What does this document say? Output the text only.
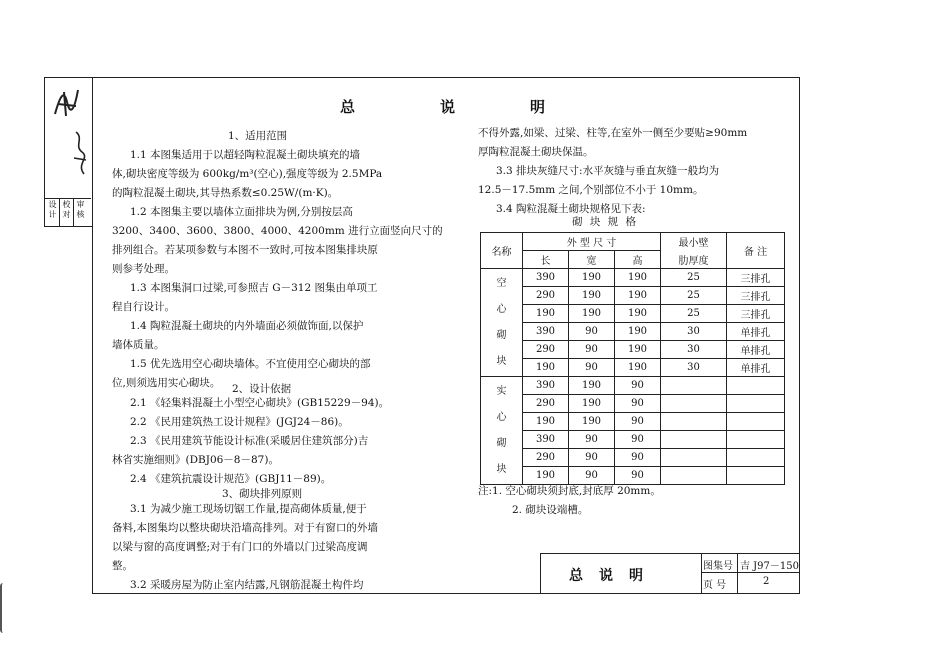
设计
校对
审核
总	说	明
1、适用范围
1.1 本图集适用于以超轻陶粒混凝土砌块填充的墙
体,砌块密度等级为 600kg/m³(空心),强度等级为 2.5MPa
的陶粒混凝土砌块,其导热系数≤0.25W/(m·K)。
1.2 本图集主要以墙体立面排块为例,分别按层高
3200、3400、3600、3800、4000、4200mm 进行立面竖向尺寸的
排列组合。若某项参数与本图不一致时,可按本图集排块原
则参考处理。
1.3 本图集洞口过梁,可参照吉 G－312 图集由单项工
程自行设计。
1.4 陶粒混凝土砌块的内外墙面必须做饰面,以保护
墙体质量。
1.5 优先选用空心砌块墙体。不宜使用空心砌块的部
位,则须选用实心砌块。	2、设计依据
2.1 《轻集料混凝土小型空心砌块》(GB15229－94)。
2.2 《民用建筑热工设计规程》(JGJ24－86)。
2.3 《民用建筑节能设计标准(采暖居住建筑部分)吉
林省实施细则》(DBJ06－8－87)。
2.4 《建筑抗震设计规范》(GBJ11－89)。
3、砌块排列原则
3.1 为减少施工现场切锯工作量,提高砌体质量,便于
备料,本图集均以整块砌块沿墙高排列。对于有窗口的外墙
以梁与窗的高度调整;对于有门口的外墙以门过梁高度调
整。
3.2 采暖房屋为防止室内结露,凡钢筋混凝土构件均
不得外露,如梁、过梁、柱等,在室外一侧至少要贴≥90mm
厚陶粒混凝土砌块保温。
3.3 排块灰缝尺寸:水平灰缝与垂直灰缝一般均为
12.5－17.5mm 之间,个别部位不小于 10mm。
3.4 陶粒混凝土砌块规格见下表:
砌 块 规 格
名称	外 型 尺 寸			最小壁	备 注
	长	宽	高	肋厚度	

空
心
砌
块	390	190	190	25	三排孔
	290	190	190	25	三排孔
	190	190	190	25	三排孔
	390	90	190	30	单排孔
	290	90	190	30	单排孔
	190	90	190	30	单排孔

实
心
砌
块	390	190	90		
	290	190	90		
	190	190	90		
	390	90	90		
	290	90	90		
	190	90	90		
注:1. 空心砌块须封底,封底厚 20mm。
2. 砌块设端槽。
总说明
图集号 吉 J97－150
页 号	2
